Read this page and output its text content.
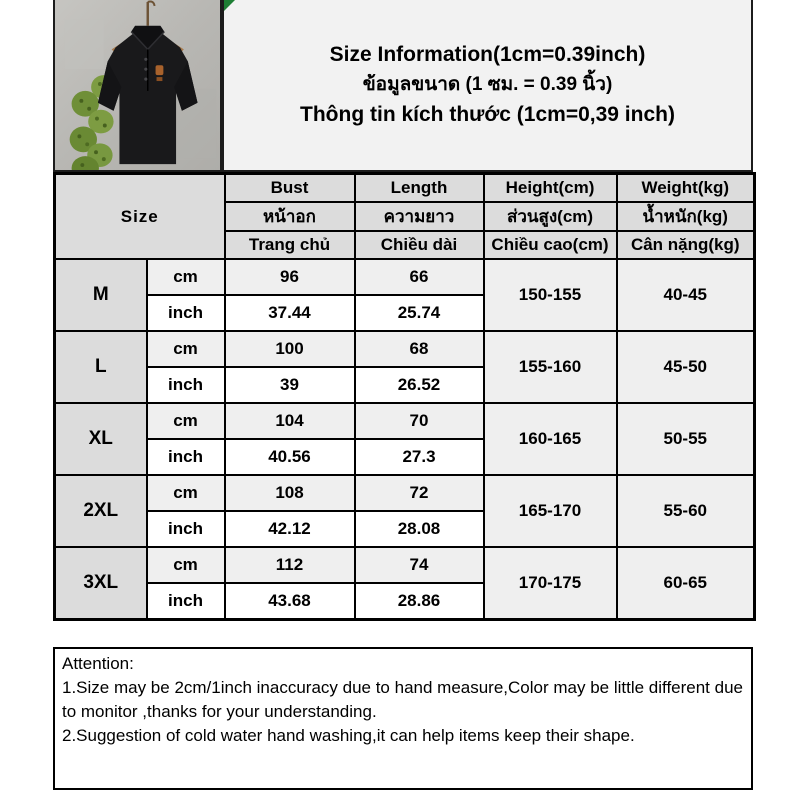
Size Information(1cm=0.39inch)
ข้อมูลขนาด (1 ซม. = 0.39 นิ้ว)
Thông tin kích thước (1cm=0,39 inch)
Size		Bust	Length	Height(cm)	Weight(kg)
		หน้าอก	ความยาว	ส่วนสูง(cm)	น้ำหนัก(kg)
		Trang chủ	Chiều dài	Chiều cao(cm)	Cân nặng(kg)
M	cm	96	66	150-155	40-45
	inch	37.44	25.74		
L	cm	100	68	155-160	45-50
	inch	39	26.52		
XL	cm	104	70	160-165	50-55
	inch	40.56	27.3		
2XL	cm	108	72	165-170	55-60
	inch	42.12	28.08		
3XL	cm	112	74	170-175	60-65
	inch	43.68	28.86		
Attention:
1.Size may be 2cm/1inch inaccuracy due to hand measure,Color may be little different due to monitor ,thanks for your understanding.
2.Suggestion of cold water hand washing,it can help items keep their shape.
